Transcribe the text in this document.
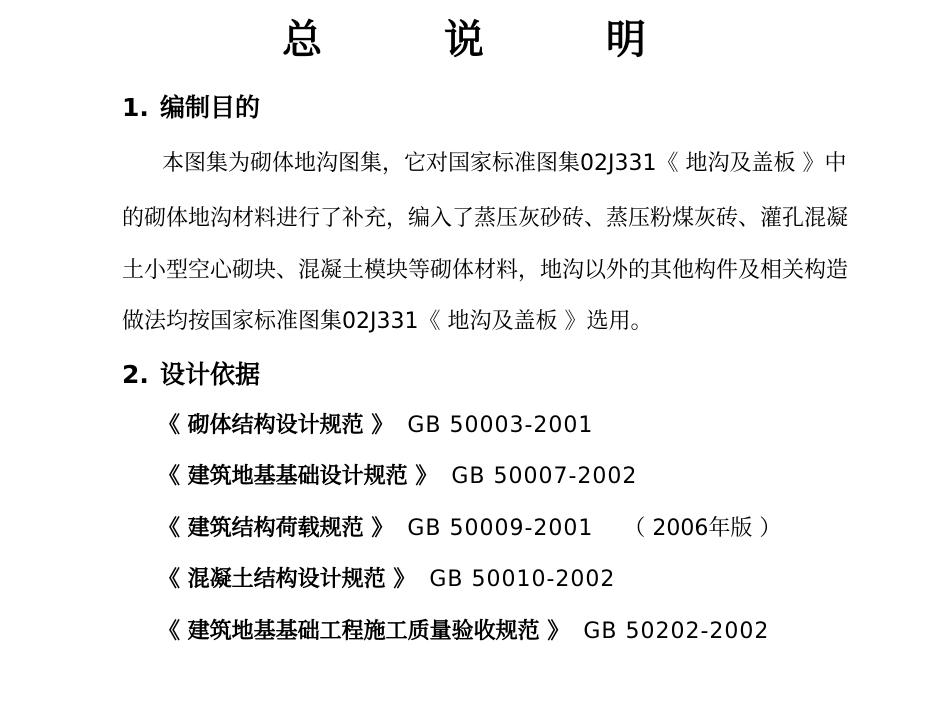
总 说 明
1. 编制目的
本图集为砌体地沟图集，它对国家标准图集02J331《 地沟及盖板 》中
的砌体地沟材料进行了补充，编入了蒸压灰砂砖、蒸压粉煤灰砖、灌孔混凝
土小型空心砌块、混凝土模块等砌体材料，地沟以外的其他构件及相关构造
做法均按国家标准图集02J331《 地沟及盖板 》选用。
2. 设计依据
《 砌体结构设计规范 》 GB 50003-2001
《 建筑地基基础设计规范 》 GB 50007-2002
《 建筑结构荷载规范 》 GB 50009-2001 （ 2006年版 ）
《 混凝土结构设计规范 》 GB 50010-2002
《 建筑地基基础工程施工质量验收规范 》 GB 50202-2002
